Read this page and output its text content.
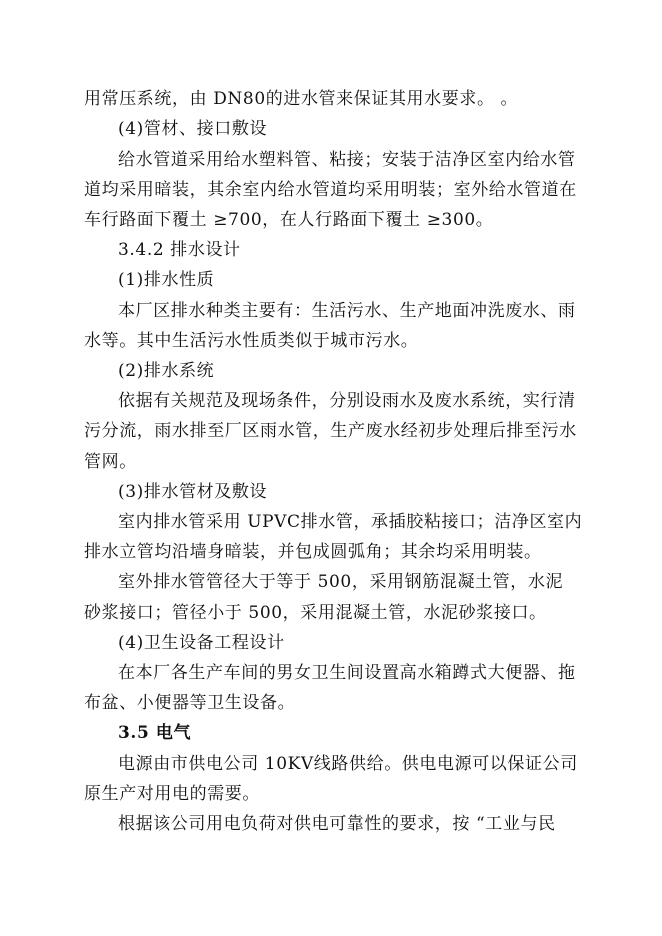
用常压系统，由 DN80的进水管来保证其用水要求。 。

(4)管材、接口敷设

给水管道采用给水塑料管、粘接；安装于洁净区室内给水管

道均采用暗装，其余室内给水管道均采用明装；室外给水管道在

车行路面下覆土 ≥700，在人行路面下覆土 ≥300。

3.4.2 排水设计

(1)排水性质

本厂区排水种类主要有：生活污水、生产地面冲洗废水、雨

水等。其中生活污水性质类似于城市污水。

(2)排水系统

依据有关规范及现场条件，分别设雨水及废水系统，实行清

污分流，雨水排至厂区雨水管，生产废水经初步处理后排至污水

管网。

(3)排水管材及敷设

室内排水管采用 UPVC排水管，承插胶粘接口；洁净区室内

排水立管均沿墙身暗装，并包成圆弧角；其余均采用明装。

室外排水管管径大于等于 500，采用钢筋混凝土管，水泥

砂浆接口；管径小于 500，采用混凝土管，水泥砂浆接口。

(4)卫生设备工程设计

在本厂各生产车间的男女卫生间设置高水箱蹲式大便器、拖

布盆、小便器等卫生设备。

3.5 电气

电源由市供电公司 10KV线路供给。供电电源可以保证公司

原生产对用电的需要。

根据该公司用电负荷对供电可靠性的要求，按 “工业与民
